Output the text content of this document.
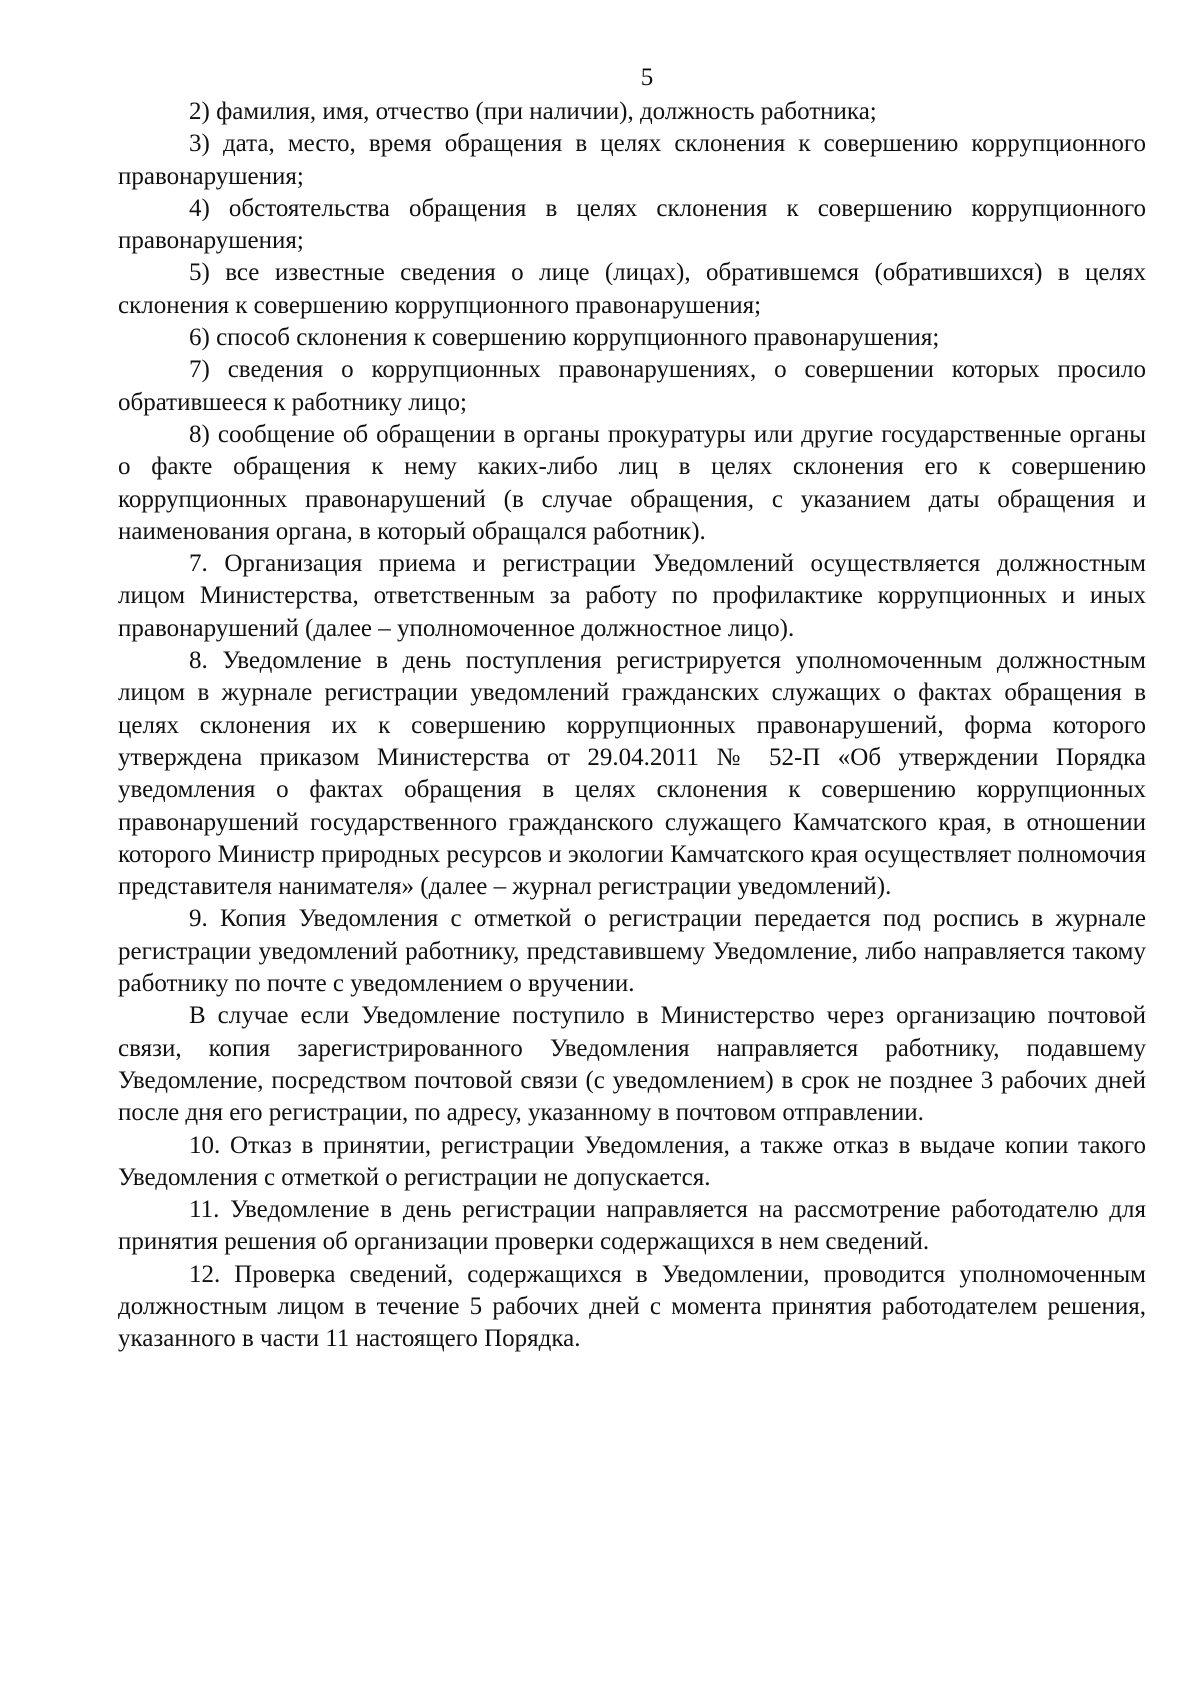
5

2) фамилия, имя, отчество (при наличии), должность работника;

3) дата, место, время обращения в целях склонения к совершению коррупционного правонарушения;

4) обстоятельства обращения в целях склонения к совершению коррупционного правонарушения;

5) все известные сведения о лице (лицах), обратившемся (обратившихся) в целях склонения к совершению коррупционного правонарушения;

6) способ склонения к совершению коррупционного правонарушения;

7) сведения о коррупционных правонарушениях, о совершении которых просило обратившееся к работнику лицо;

8) сообщение об обращении в органы прокуратуры или другие государственные органы о факте обращения к нему каких-либо лиц в целях склонения его к совершению коррупционных правонарушений (в случае обращения, с указанием даты обращения и наименования органа, в который обращался работник).

7. Организация приема и регистрации Уведомлений осуществляется должностным лицом Министерства, ответственным за работу по профилактике коррупционных и иных правонарушений (далее – уполномоченное должностное лицо).

8. Уведомление в день поступления регистрируется уполномоченным должностным лицом в журнале регистрации уведомлений гражданских служащих о фактах обращения в целях склонения их к совершению коррупционных правонарушений, форма которого утверждена приказом Министерства от 29.04.2011 № 52-П «Об утверждении Порядка уведомления о фактах обращения в целях склонения к совершению коррупционных правонарушений государственного гражданского служащего Камчатского края, в отношении которого Министр природных ресурсов и экологии Камчатского края осуществляет полномочия представителя нанимателя» (далее – журнал регистрации уведомлений).

9. Копия Уведомления с отметкой о регистрации передается под роспись в журнале регистрации уведомлений работнику, представившему Уведомление, либо направляется такому работнику по почте с уведомлением о вручении.

В случае если Уведомление поступило в Министерство через организацию почтовой связи, копия зарегистрированного Уведомления направляется работнику, подавшему Уведомление, посредством почтовой связи (с уведомлением) в срок не позднее 3 рабочих дней после дня его регистрации, по адресу, указанному в почтовом отправлении.

10. Отказ в принятии, регистрации Уведомления, а также отказ в выдаче копии такого Уведомления с отметкой о регистрации не допускается.

11. Уведомление в день регистрации направляется на рассмотрение работодателю для принятия решения об организации проверки содержащихся в нем сведений.

12. Проверка сведений, содержащихся в Уведомлении, проводится уполномоченным должностным лицом в течение 5 рабочих дней с момента принятия работодателем решения, указанного в части 11 настоящего Порядка.
